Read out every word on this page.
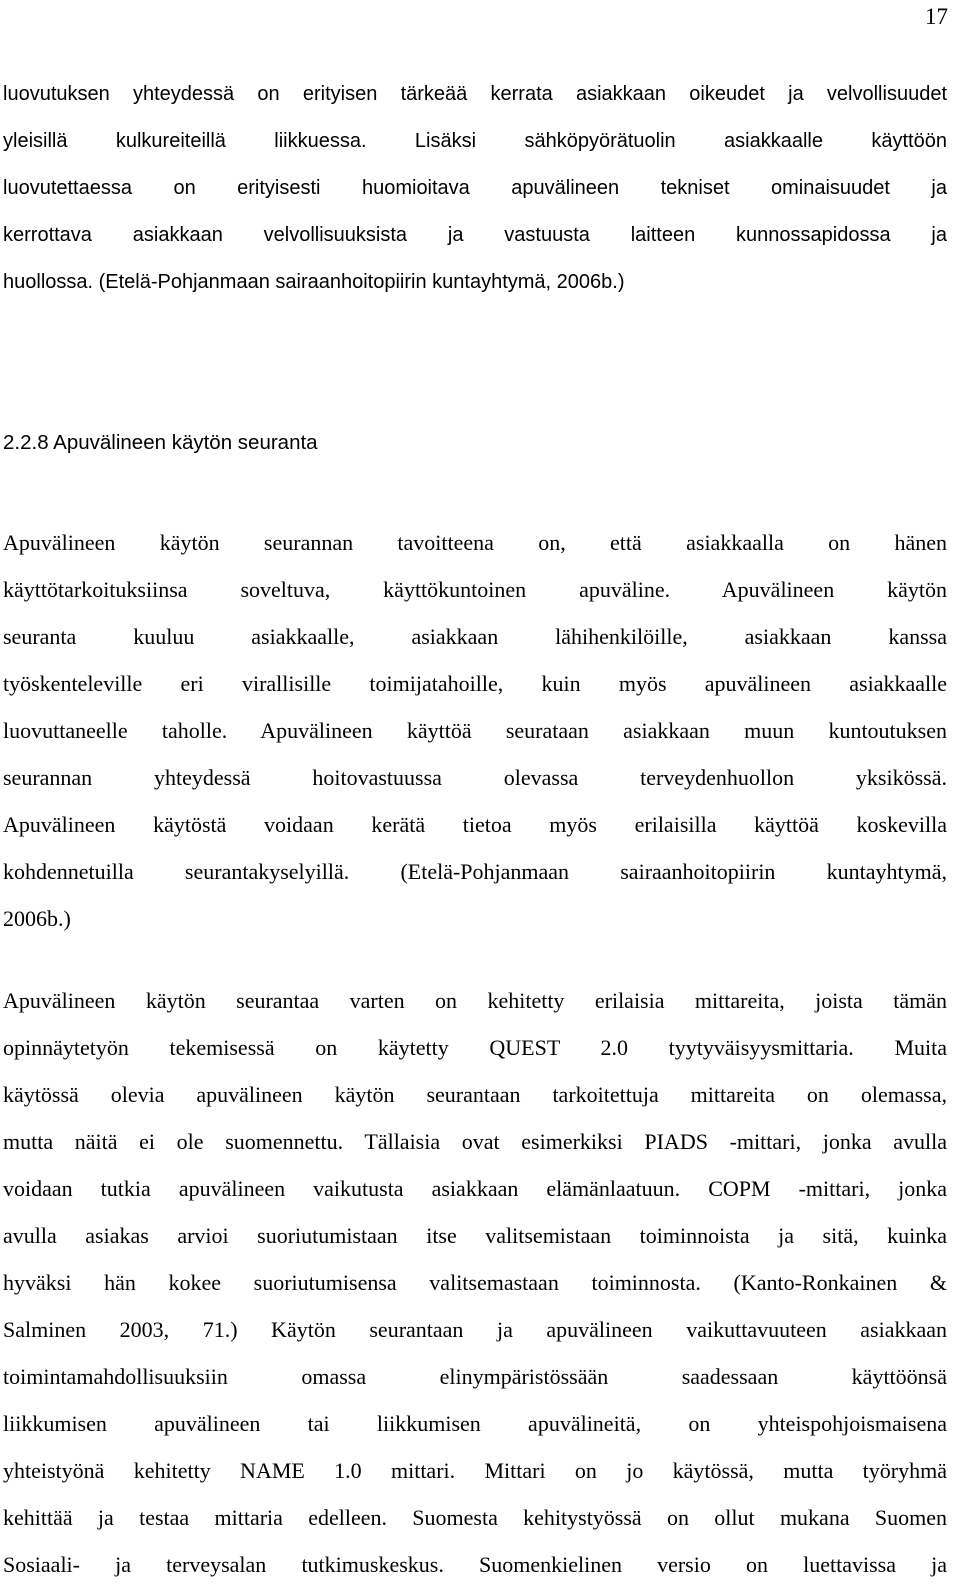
17
luovutuksen yhteydessä on erityisen tärkeää kerrata asiakkaan oikeudet ja velvollisuudet
yleisillä kulkureiteillä liikkuessa. Lisäksi sähköpyörätuolin asiakkaalle käyttöön
luovutettaessa on erityisesti huomioitava apuvälineen tekniset ominaisuudet ja
kerrottava asiakkaan velvollisuuksista ja vastuusta laitteen kunnossapidossa ja
huollossa. (Etelä-Pohjanmaan sairaanhoitopiirin kuntayhtymä, 2006b.)
2.2.8 Apuvälineen käytön seuranta
Apuvälineen käytön seurannan tavoitteena on, että asiakkaalla on hänen
käyttötarkoituksiinsa soveltuva, käyttökuntoinen apuväline. Apuvälineen käytön
seuranta kuuluu asiakkaalle, asiakkaan lähihenkilöille, asiakkaan kanssa
työskenteleville eri virallisille toimijatahoille, kuin myös apuvälineen asiakkaalle
luovuttaneelle taholle. Apuvälineen käyttöä seurataan asiakkaan muun kuntoutuksen
seurannan yhteydessä hoitovastuussa olevassa terveydenhuollon yksikössä.
Apuvälineen käytöstä voidaan kerätä tietoa myös erilaisilla käyttöä koskevilla
kohdennetuilla seurantakyselyillä. (Etelä-Pohjanmaan sairaanhoitopiirin kuntayhtymä,
2006b.)
Apuvälineen käytön seurantaa varten on kehitetty erilaisia mittareita, joista tämän
opinnäytetyön tekemisessä on käytetty QUEST 2.0 tyytyväisyysmittaria. Muita
käytössä olevia apuvälineen käytön seurantaan tarkoitettuja mittareita on olemassa,
mutta näitä ei ole suomennettu. Tällaisia ovat esimerkiksi PIADS -mittari, jonka avulla
voidaan tutkia apuvälineen vaikutusta asiakkaan elämänlaatuun. COPM -mittari, jonka
avulla asiakas arvioi suoriutumistaan itse valitsemistaan toiminnoista ja sitä, kuinka
hyväksi hän kokee suoriutumisensa valitsemastaan toiminnosta. (Kanto-Ronkainen &
Salminen 2003, 71.) Käytön seurantaan ja apuvälineen vaikuttavuuteen asiakkaan
toimintamahdollisuuksiin omassa elinympäristössään saadessaan käyttöönsä
liikkumisen apuvälineen tai liikkumisen apuvälineitä, on yhteispohjoismaisena
yhteistyönä kehitetty NAME 1.0 mittari. Mittari on jo käytössä, mutta työryhmä
kehittää ja testaa mittaria edelleen. Suomesta kehitystyössä on ollut mukana Suomen
Sosiaali- ja terveysalan tutkimuskeskus. Suomenkielinen versio on luettavissa ja
